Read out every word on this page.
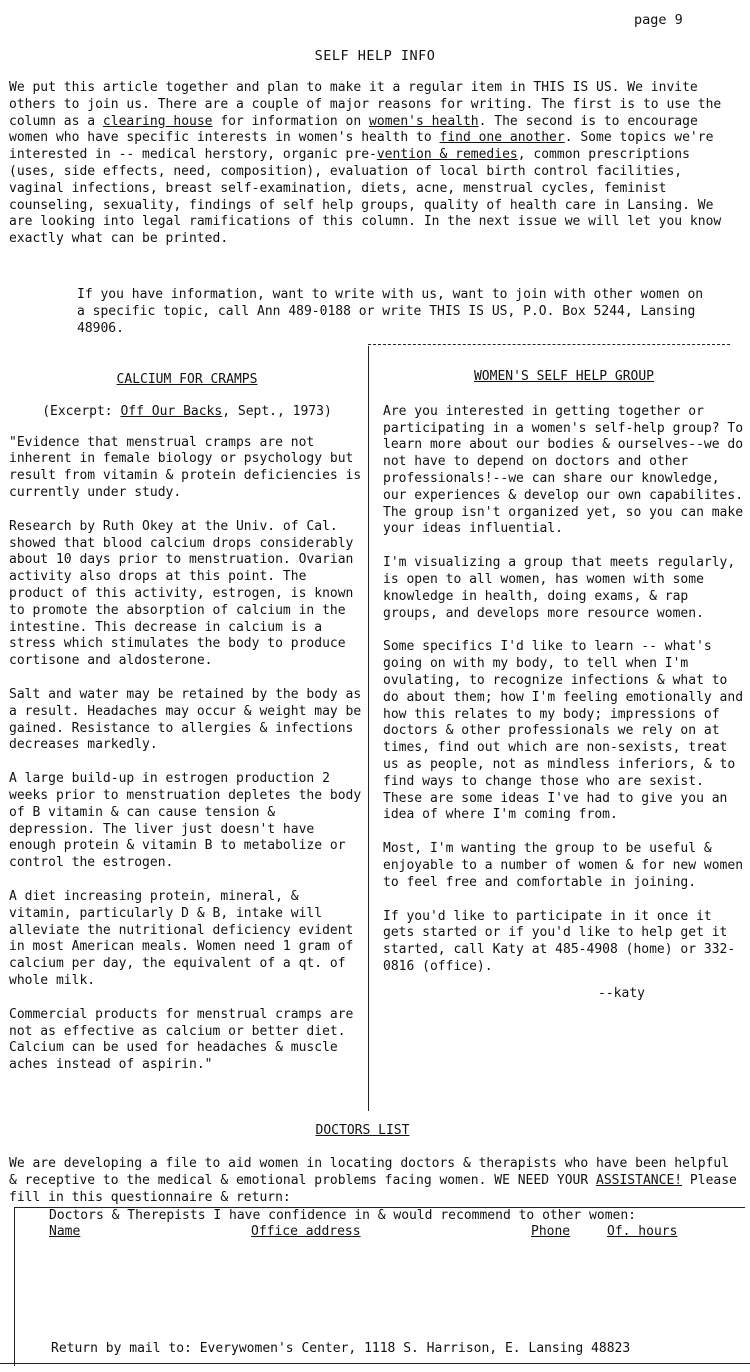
page 9
SELF HELP INFO
We put this article together and plan to make it a regular item in THIS IS US. We invite others to join us. There are a couple of major reasons for writing. The first is to use the column as a clearing house for information on women's health. The second is to encourage women who have specific interests in women's health to find one another. Some topics we're interested in -- medical herstory, organic pre-vention & remedies, common prescriptions (uses, side effects, need, composition), evaluation of local birth control facilities, vaginal infections, breast self-examination, diets, acne, menstrual cycles, feminist counseling, sexuality, findings of self help groups, quality of health care in Lansing. We are looking into legal ramifications of this column. In the next issue we will let you know exactly what can be printed.
If you have information, want to write with us, want to join with other women on a specific topic, call Ann 489-0188 or write THIS IS US, P.O. Box 5244, Lansing 48906.
CALCIUM FOR CRAMPS
(Excerpt: Off Our Backs, Sept., 1973)

"Evidence that menstrual cramps are not inherent in female biology or psychology but result from vitamin & protein deficiencies is currently under study.

Research by Ruth Okey at the Univ. of Cal. showed that blood calcium drops considerably about 10 days prior to menstruation. Ovarian activity also drops at this point. The product of this activity, estrogen, is known to promote the absorption of calcium in the intestine. This decrease in calcium is a stress which stimulates the body to produce cortisone and aldosterone.

Salt and water may be retained by the body as a result. Headaches may occur & weight may be gained. Resistance to allergies & infections decreases markedly.

A large build-up in estrogen production 2 weeks prior to menstruation depletes the body of B vitamin & can cause tension & depression. The liver just doesn't have enough protein & vitamin B to metabolize or control the estrogen.

A diet increasing protein, mineral, & vitamin, particularly D & B, intake will alleviate the nutritional deficiency evident in most American meals. Women need 1 gram of calcium per day, the equivalent of a qt. of whole milk.

Commercial products for menstrual cramps are not as effective as calcium or better diet. Calcium can be used for headaches & muscle aches instead of aspirin."

WOMEN'S SELF HELP GROUP

Are you interested in getting together or participating in a women's self-help group? To learn more about our bodies & ourselves--we do not have to depend on doctors and other professionals!--we can share our knowledge, our experiences & develop our own capabilites. The group isn't organized yet, so you can make your ideas influential.

I'm visualizing a group that meets regularly, is open to all women, has women with some knowledge in health, doing exams, & rap groups, and develops more resource women.

Some specifics I'd like to learn -- what's going on with my body, to tell when I'm ovulating, to recognize infections & what to do about them; how I'm feeling emotionally and how this relates to my body; impressions of doctors & other professionals we rely on at times, find out which are non-sexists, treat us as people, not as mindless inferiors, & to find ways to change those who are sexist. These are some ideas I've had to give you an idea of where I'm coming from.

Most, I'm wanting the group to be useful & enjoyable to a number of women & for new women to feel free and comfortable in joining.

If you'd like to participate in it once it gets started or if you'd like to help get it started, call Katy at 485-4908 (home) or 332-0816 (office).

--katy
DOCTORS LIST
We are developing a file to aid women in locating doctors & therapists who have been helpful & receptive to the medical & emotional problems facing women. WE NEED YOUR ASSISTANCE! Please fill in this questionnaire & return:
Doctors & Therepists I have confidence in & would recommend to other women:
Name	Office address	Phone	Of. hours
Return by mail to: Everywomen's Center, 1118 S. Harrison, E. Lansing 48823
